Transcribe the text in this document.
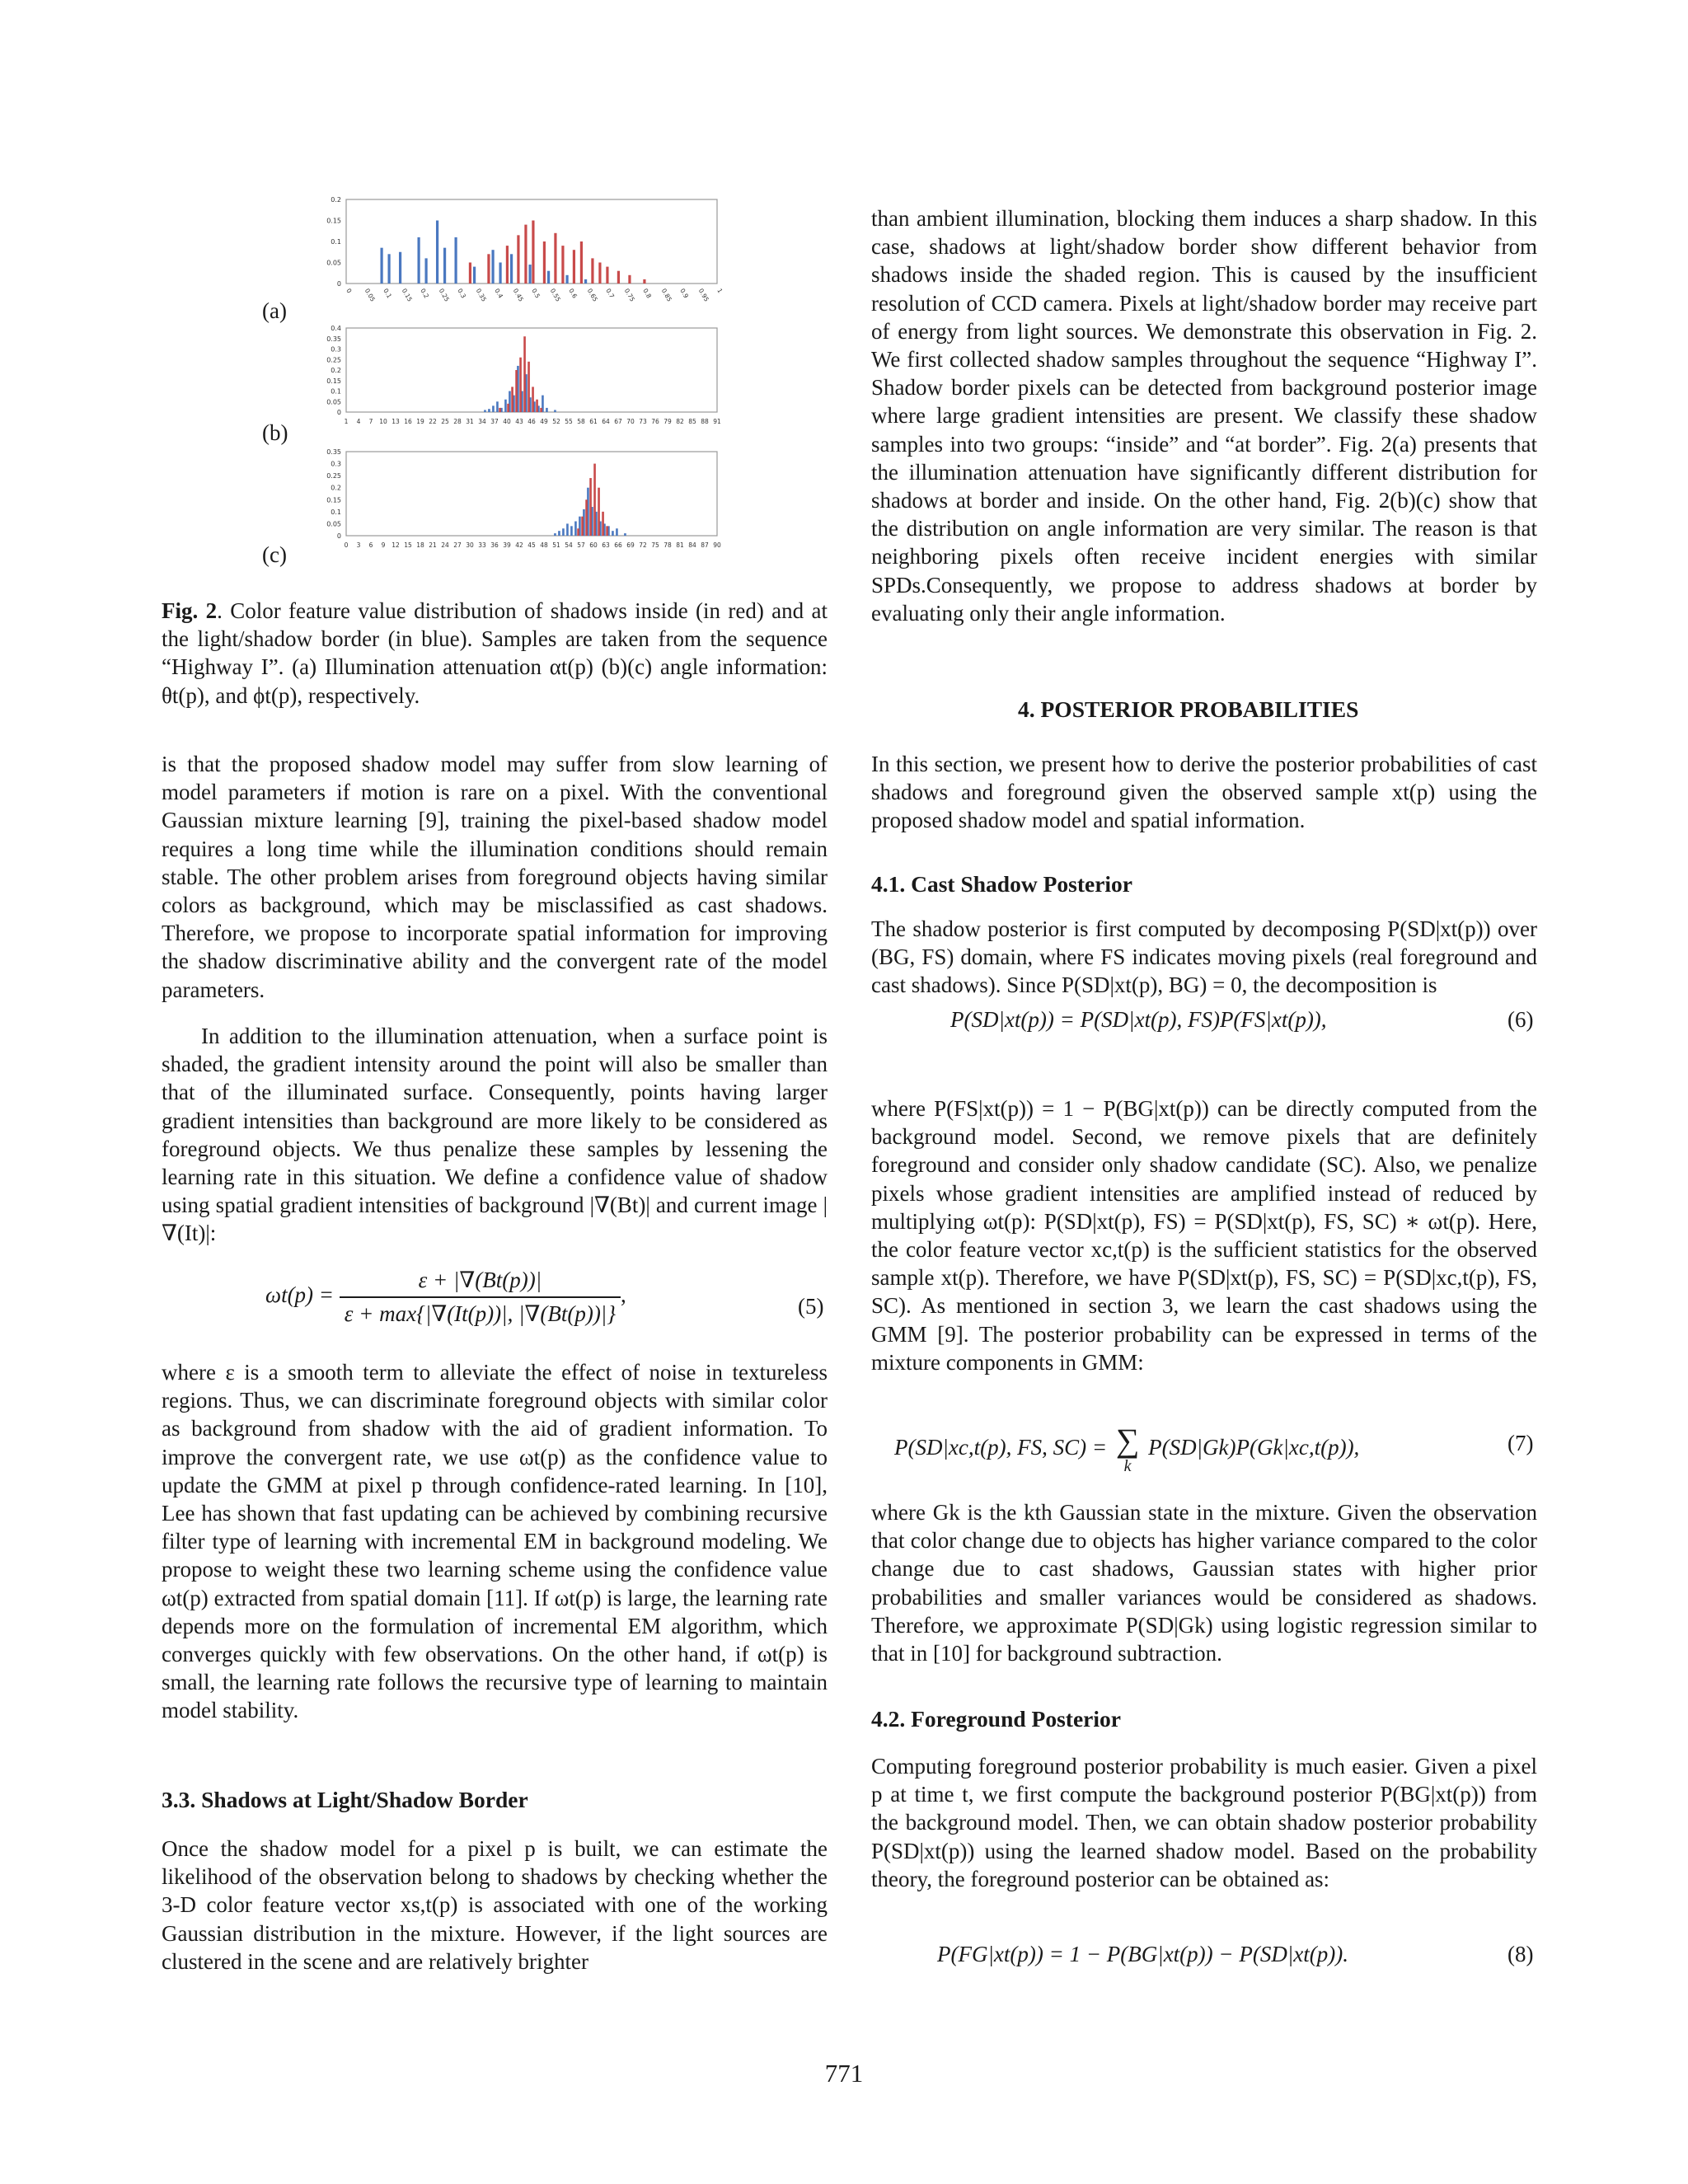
(a)
(b)
(c)
0
0.05
0.1
0.15
0.2
0 0.05 0.1 0.15 0.2 0.25 0.3 0.35 0.4 0.45 0.5 0.55 0.6 0.65 0.7 0.75 0.8 0.85 0.9 0.95 1
0
0.05
0.1
0.15
0.2
0.25
0.3
0.35
0.4
1 4 7 10 13 16 19 22 25 28 31 34 37 40 43 46 49 52 55 58 61 64 67 70 73 76 79 82 85 88 91
0
0.05
0.1
0.15
0.2
0.25
0.3
0.35
0 3 6 9 12 15 18 21 24 27 30 33 36 39 42 45 48 51 54 57 60 63 66 69 72 75 78 81 84 87 90

Fig. 2. Color feature value distribution of shadows inside (in red) and at the light/shadow border (in blue). Samples are taken from the sequence “Highway I”. (a) Illumination attenuation αt(p) (b)(c) angle information: θt(p), and ϕt(p), respectively.

is that the proposed shadow model may suffer from slow learning of model parameters if motion is rare on a pixel. With the conventional Gaussian mixture learning [9], training the pixel-based shadow model requires a long time while the illumination conditions should remain stable. The other problem arises from foreground objects having similar colors as background, which may be misclassified as cast shadows. Therefore, we propose to incorporate spatial information for improving the shadow discriminative ability and the convergent rate of the model parameters.

In addition to the illumination attenuation, when a surface point is shaded, the gradient intensity around the point will also be smaller than that of the illuminated surface. Consequently, points having larger gradient intensities than background are more likely to be considered as foreground objects. We thus penalize these samples by lessening the learning rate in this situation. We define a confidence value of shadow using spatial gradient intensities of background |∇(Bt)| and current image |∇(It)|:

$\omega t(p) = \frac{\varepsilon + |\nabla(Bt(p))|}{\varepsilon + \max\{|\nabla(It(p))|, |\nabla(Bt(p))|\}}$ ,	(5)

where ε is a smooth term to alleviate the effect of noise in textureless regions. Thus, we can discriminate foreground objects with similar color as background from shadow with the aid of gradient information. To improve the convergent rate, we use ωt(p) as the confidence value to update the GMM at pixel p through confidence-rated learning. In [10], Lee has shown that fast updating can be achieved by combining recursive filter type of learning with incremental EM in background modeling. We propose to weight these two learning scheme using the confidence value ωt(p) extracted from spatial domain [11]. If ωt(p) is large, the learning rate depends more on the formulation of incremental EM algorithm, which converges quickly with few observations. On the other hand, if ωt(p) is small, the learning rate follows the recursive type of learning to maintain model stability.

3.3. Shadows at Light/Shadow Border

Once the shadow model for a pixel p is built, we can estimate the likelihood of the observation belong to shadows by checking whether the 3-D color feature vector xs,t(p) is associated with one of the working Gaussian distribution in the mixture. However, if the light sources are clustered in the scene and are relatively brighter

than ambient illumination, blocking them induces a sharp shadow. In this case, shadows at light/shadow border show different behavior from shadows inside the shaded region. This is caused by the insufficient resolution of CCD camera. Pixels at light/shadow border may receive part of energy from light sources. We demonstrate this observation in Fig. 2. We first collected shadow samples throughout the sequence “Highway I”. Shadow border pixels can be detected from background posterior image where large gradient intensities are present. We classify these shadow samples into two groups: “inside” and “at border”. Fig. 2(a) presents that the illumination attenuation have significantly different distribution for shadows at border and inside. On the other hand, Fig. 2(b)(c) show that the distribution on angle information are very similar. The reason is that neighboring pixels often receive incident energies with similar SPDs.Consequently, we propose to address shadows at border by evaluating only their angle information.

4. POSTERIOR PROBABILITIES

In this section, we present how to derive the posterior probabilities of cast shadows and foreground given the observed sample xt(p) using the proposed shadow model and spatial information.

4.1. Cast Shadow Posterior

The shadow posterior is first computed by decomposing P(SD|xt(p)) over (BG, FS) domain, where FS indicates moving pixels (real foreground and cast shadows). Since P(SD|xt(p), BG) = 0, the decomposition is

P(SD|xt(p)) = P(SD|xt(p), FS)P(FS|xt(p)),	(6)

where P(FS|xt(p)) = 1 − P(BG|xt(p)) can be directly computed from the background model. Second, we remove pixels that are definitely foreground and consider only shadow candidate (SC). Also, we penalize pixels whose gradient intensities are amplified instead of reduced by multiplying ωt(p): P(SD|xt(p), FS) = P(SD|xt(p), FS, SC) ∗ ωt(p). Here, the color feature vector xc,t(p) is the sufficient statistics for the observed sample xt(p). Therefore, we have P(SD|xt(p), FS, SC) = P(SD|xc,t(p), FS, SC). As mentioned in section 3, we learn the cast shadows using the GMM [9]. The posterior probability can be expressed in terms of the mixture components in GMM:

P(SD|xc,t(p), FS, SC) = ∑
k
P(SD|Gk)P(Gk|xc,t(p)),	(7)

where Gk is the kth Gaussian state in the mixture. Given the observation that color change due to objects has higher variance compared to the color change due to cast shadows, Gaussian states with higher prior probabilities and smaller variances would be considered as shadows. Therefore, we approximate P(SD|Gk) using logistic regression similar to that in [10] for background subtraction.

4.2. Foreground Posterior

Computing foreground posterior probability is much easier. Given a pixel p at time t, we first compute the background posterior P(BG|xt(p)) from the background model. Then, we can obtain shadow posterior probability P(SD|xt(p)) using the learned shadow model. Based on the probability theory, the foreground posterior can be obtained as:

P(FG|xt(p)) = 1 − P(BG|xt(p)) − P(SD|xt(p)).	(8)
771
